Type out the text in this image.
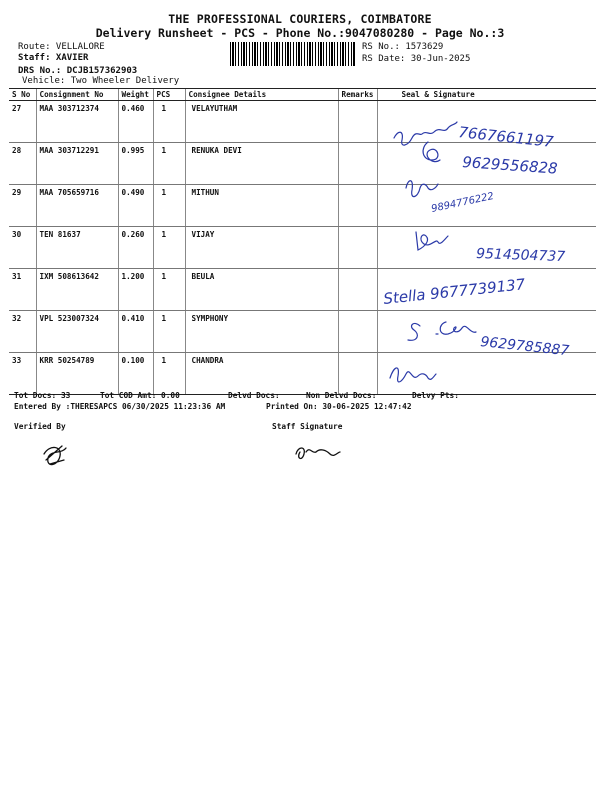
THE PROFESSIONAL COURIERS, COIMBATORE
Delivery Runsheet - PCS - Phone No.:9047080280 - Page No.:3
Route: VELLALORE
Staff: XAVIER
DRS No.: DCJB157362903
Vehicle: Two Wheeler Delivery
RS No.: 1573629
RS Date: 30-Jun-2025
S No	Consignment No	Weight	PCS	Consignee Details	Remarks	Seal & Signature
27	MAA 303712374	0.460	1	VELAYUTHAM		
28	MAA 303712291	0.995	1	RENUKA DEVI		
29	MAA 705659716	0.490	1	MITHUN		
30	TEN 81637	0.260	1	VIJAY		
31	IXM 508613642	1.200	1	BEULA		
32	VPL 523007324	0.410	1	SYMPHONY		
33	KRR 50254789	0.100	1	CHANDRA		
7667661197
9629556828
9894776222
9514504737
Stella 9677739137
9629785887
Tot Docs: 33	Tot COD Amt: 0.00	Delvd Docs:	Non Delvd Docs:	Delvy Pts:
Entered By :THERESAPCS 06/30/2025 11:23:36 AM	Printed On: 30-06-2025 12:47:42
Verified By	Staff Signature
